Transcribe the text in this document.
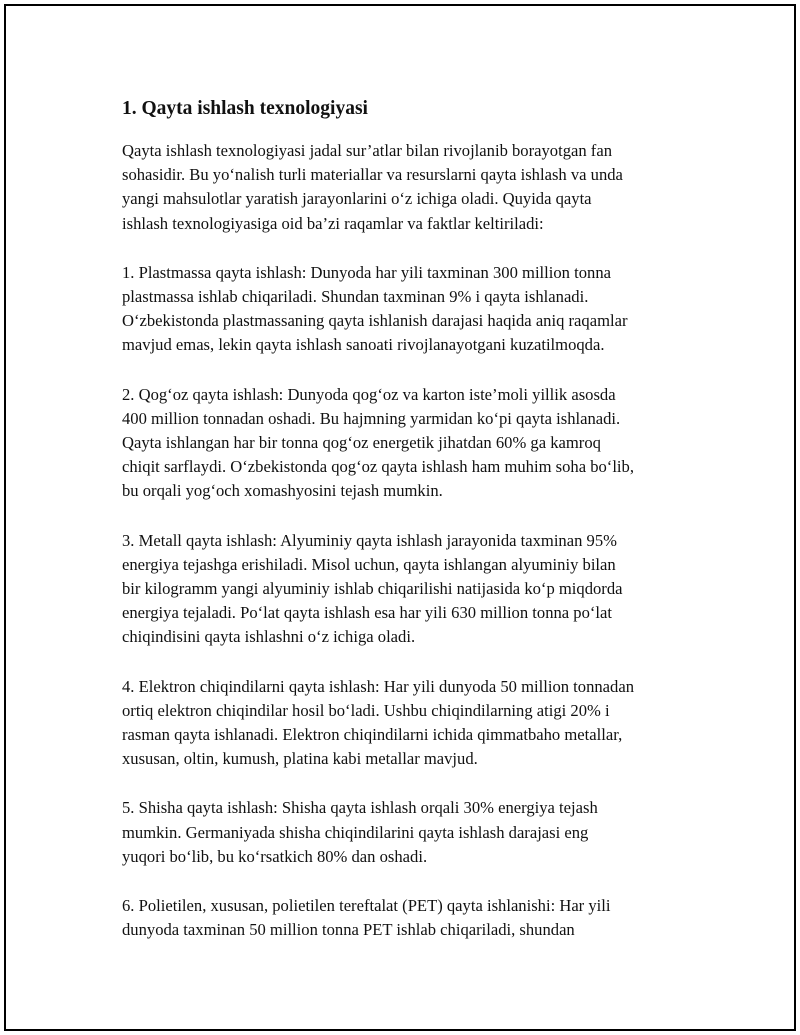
1. Qayta ishlash texnologiyasi
Qayta ishlash texnologiyasi jadal sur’atlar bilan rivojlanib borayotgan fan
sohasidir. Bu yoʻnalish turli materiallar va resurslarni qayta ishlash va unda
yangi mahsulotlar yaratish jarayonlarini oʻz ichiga oladi. Quyida qayta
ishlash texnologiyasiga oid ba’zi raqamlar va faktlar keltiriladi:
1. Plastmassa qayta ishlash: Dunyoda har yili taxminan 300 million tonna
plastmassa ishlab chiqariladi. Shundan taxminan 9% i qayta ishlanadi.
Oʻzbekistonda plastmassaning qayta ishlanish darajasi haqida aniq raqamlar
mavjud emas, lekin qayta ishlash sanoati rivojlanayotgani kuzatilmoqda.
2. Qogʻoz qayta ishlash: Dunyoda qogʻoz va karton iste’moli yillik asosda
400 million tonnadan oshadi. Bu hajmning yarmidan koʻpi qayta ishlanadi.
Qayta ishlangan har bir tonna qogʻoz energetik jihatdan 60% ga kamroq
chiqit sarflaydi. Oʻzbekistonda qogʻoz qayta ishlash ham muhim soha boʻlib,
bu orqali yogʻoch xomashyosini tejash mumkin.
3. Metall qayta ishlash: Alyuminiy qayta ishlash jarayonida taxminan 95%
energiya tejashga erishiladi. Misol uchun, qayta ishlangan alyuminiy bilan
bir kilogramm yangi alyuminiy ishlab chiqarilishi natijasida koʻp miqdorda
energiya tejaladi. Poʻlat qayta ishlash esa har yili 630 million tonna poʻlat
chiqindisini qayta ishlashni oʻz ichiga oladi.
4. Elektron chiqindilarni qayta ishlash: Har yili dunyoda 50 million tonnadan
ortiq elektron chiqindilar hosil boʻladi. Ushbu chiqindilarning atigi 20% i
rasman qayta ishlanadi. Elektron chiqindilarni ichida qimmatbaho metallar,
xususan, oltin, kumush, platina kabi metallar mavjud.
5. Shisha qayta ishlash: Shisha qayta ishlash orqali 30% energiya tejash
mumkin. Germaniyada shisha chiqindilarini qayta ishlash darajasi eng
yuqori boʻlib, bu koʻrsatkich 80% dan oshadi.
6. Polietilen, xususan, polietilen tereftalat (PET) qayta ishlanishi: Har yili
dunyoda taxminan 50 million tonna PET ishlab chiqariladi, shundan
